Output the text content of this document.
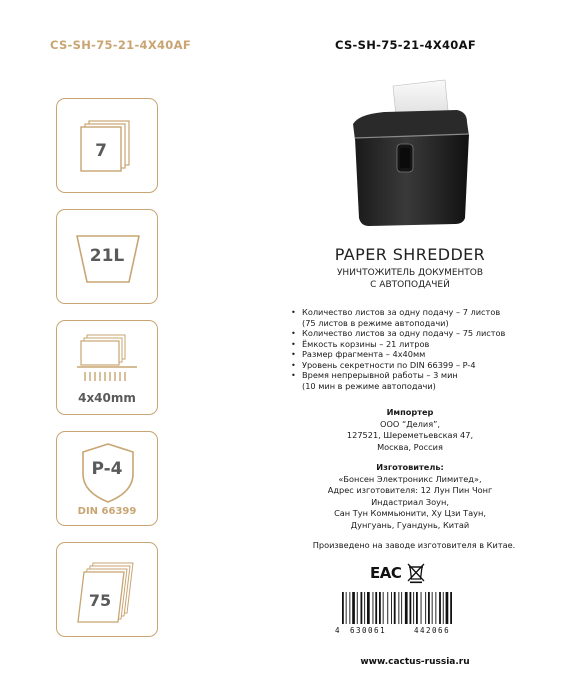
CS-SH-75-21-4X40AF	CS-SH-75-21-4X40AF
7
21L
4x40mm
P-4
DIN 66399
75
PAPER SHREDDER
УНИЧТОЖИТЕЛЬ ДОКУМЕНТОВ
С АВТОПОДАЧЕЙ
• Количество листов за одну подачу – 7 листов
(75 листов в режиме автоподачи)
• Количество листов за одну подачу – 75 листов
• Ёмкость корзины – 21 литров
• Размер фрагмента – 4x40мм
• Уровень секретности по DIN 66399 – P-4
• Время непрерывной работы – 3 мин
(10 мин в режиме автоподачи)
Импортер
ООО “Делия”,
127521, Шереметьевская 47,
Москва, Россия
Изготовитель:
«Бонсен Электроникс Лимитед»,
Адрес изготовителя: 12 Лун Пин Чонг
Индастриал Зоун,
Сан Тун Коммьюнити, Ху Цзи Таун,
Дунгуань, Гуандунь, Китай
Произведено на заводе изготовителя в Китае.
EAC
4 630061	442066
www.cactus-russia.ru
